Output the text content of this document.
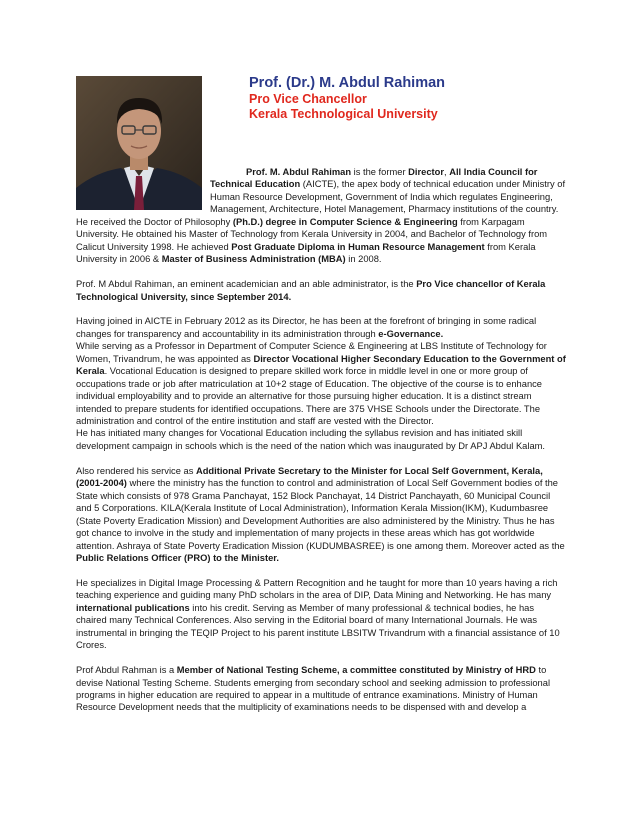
Prof. (Dr.) M. Abdul Rahiman
Pro Vice Chancellor
Kerala Technological University

Prof. M. Abdul Rahiman is the former Director, All India Council for Technical Education (AICTE), the apex body of technical education under Ministry of Human Resource Development, Government of India which regulates Engineering, Management, Architecture, Hotel Management, Pharmacy institutions of the country.

He received the Doctor of Philosophy (Ph.D.) degree in Computer Science & Engineering from Karpagam University. He obtained his Master of Technology from Kerala University in 2004, and Bachelor of Technology from Calicut University 1998. He achieved Post Graduate Diploma in Human Resource Management from Kerala University in 2006 & Master of Business Administration (MBA) in 2008.

Prof. M Abdul Rahiman, an eminent academician and an able administrator, is the Pro Vice chancellor of Kerala Technological University, since September 2014.

Having joined in AICTE in February 2012 as its Director, he has been at the forefront of bringing in some radical changes for transparency and accountability in its administration through e-Governance.
While serving as a Professor in Department of Computer Science & Engineering at LBS Institute of Technology for Women, Trivandrum, he was appointed as Director Vocational Higher Secondary Education to the Government of Kerala. Vocational Education is designed to prepare skilled work force in middle level in one or more group of occupations trade or job after matriculation at 10+2 stage of Education. The objective of the course is to enhance individual employability and to provide an alternative for those pursuing higher education. It is a distinct stream intended to prepare students for identified occupations. There are 375 VHSE Schools under the Directorate. The administration and control of the entire institution and staff are vested with the Director.
He has initiated many changes for Vocational Education including the syllabus revision and has initiated skill development campaign in schools which is the need of the nation which was inaugurated by Dr APJ Abdul Kalam.

Also rendered his service as Additional Private Secretary to the Minister for Local Self Government, Kerala, (2001-2004) where the ministry has the function to control and administration of Local Self Government bodies of the State which consists of 978 Grama Panchayat, 152 Block Panchayat, 14 District Panchayath, 60 Municipal Council and 5 Corporations. KILA(Kerala Institute of Local Administration), Information Kerala Mission(IKM), Kudumbasree (State Poverty Eradication Mission) and Development Authorities are also administered by the Ministry. Thus he has got chance to involve in the study and implementation of many projects in these areas which has got worldwide attention. Ashraya of State Poverty Eradication Mission (KUDUMBASREE) is one among them. Moreover acted as the Public Relations Officer (PRO) to the Minister.

He specializes in Digital Image Processing & Pattern Recognition and he taught for more than 10 years having a rich teaching experience and guiding many PhD scholars in the area of DIP, Data Mining and Networking. He has many international publications into his credit. Serving as Member of many professional & technical bodies, he has chaired many Technical Conferences. Also serving in the Editorial board of many International Journals. He was instrumental in bringing the TEQIP Project to his parent institute LBSITW Trivandrum with a financial assistance of 10 Crores.

Prof Abdul Rahman is a Member of National Testing Scheme, a committee constituted by Ministry of HRD to devise National Testing Scheme. Students emerging from secondary school and seeking admission to professional programs in higher education are required to appear in a multitude of entrance examinations. Ministry of Human Resource Development needs that the multiplicity of examinations needs to be dispensed with and develop a
